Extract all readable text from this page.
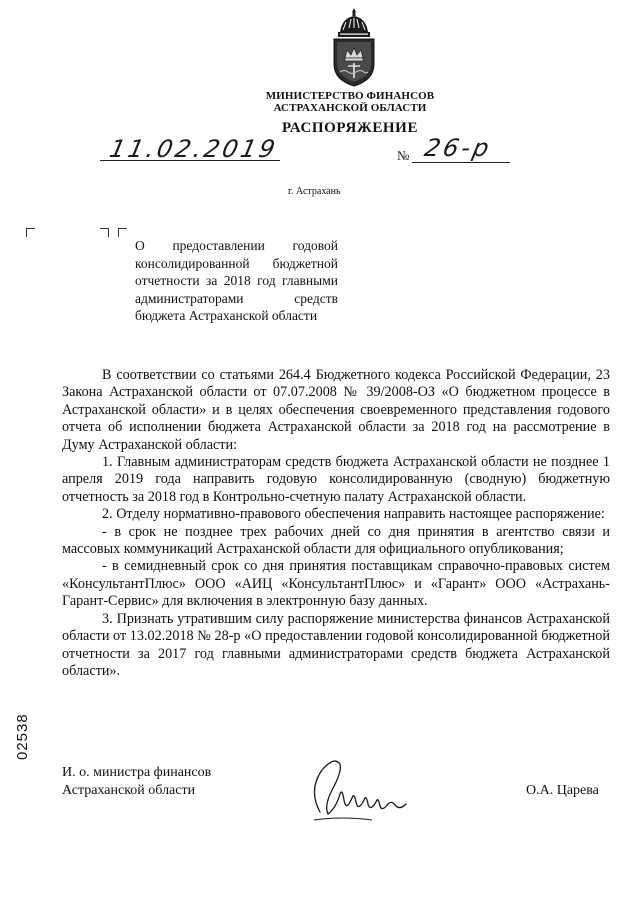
МИНИСТЕРСТВО ФИНАНСОВ
АСТРАХАНСКОЙ ОБЛАСТИ
РАСПОРЯЖЕНИЕ
11.02.2019	№ 26-р
г. Астрахань
О предоставлении годовой консолидированной бюджетной отчетности за 2018 год главными администраторами средств бюджета Астраханской области

В соответствии со статьями 264.4 Бюджетного кодекса Российской Федерации, 23 Закона Астраханской области от 07.07.2008 № 39/2008-ОЗ «О бюджетном процессе в Астраханской области» и в целях обеспечения своевременного представления годового отчета об исполнении бюджета Астраханской области за 2018 год на рассмотрение в Думу Астраханской области:

1. Главным администраторам средств бюджета Астраханской области не позднее 1 апреля 2019 года направить годовую консолидированную (сводную) бюджетную отчетность за 2018 год в Контрольно-счетную палату Астраханской области.

2. Отделу нормативно-правового обеспечения направить настоящее распоряжение:

- в срок не позднее трех рабочих дней со дня принятия в агентство связи и массовых коммуникаций Астраханской области для официального опубликования;

- в семидневный срок со дня принятия поставщикам справочно-правовых систем «КонсультантПлюс» ООО «АИЦ «КонсультантПлюс» и «Гарант» ООО «Астрахань-Гарант-Сервис» для включения в электронную базу данных.

3. Признать утратившим силу распоряжение министерства финансов Астраханской области от 13.02.2018 № 28-р «О предоставлении годовой консолидированной бюджетной отчетности за 2017 год главными администраторами средств бюджета Астраханской области».

02538
И. о. министра финансов
Астраханской области	О.А. Царева
